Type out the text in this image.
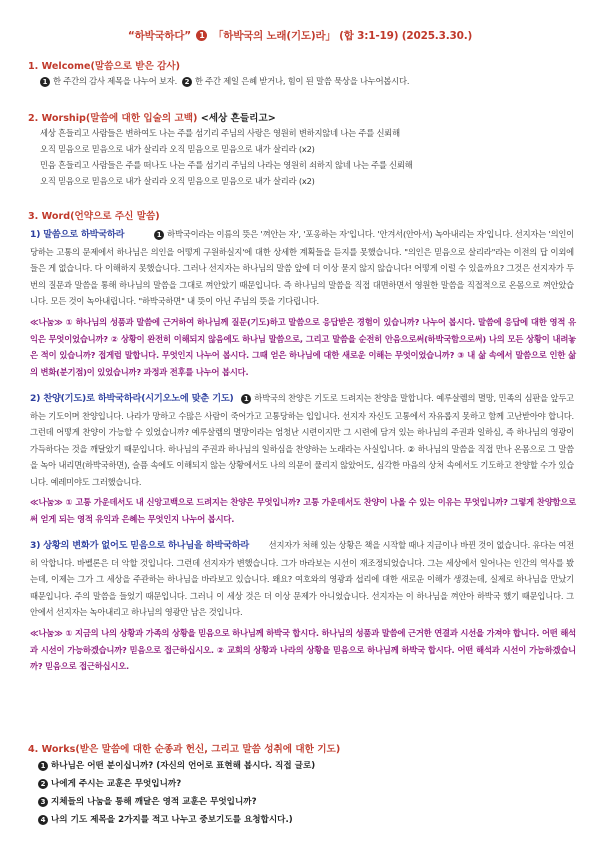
“하박국하다” 1 「하박국의 노래(기도)라」 (합 3:1-19) (2025.3.30.)
1. Welcome(말씀으로 받은 감사)
1 한 주간의 감사 제목을 나누어 보자. 2 한 주간 제일 은혜 받거나, 힘이 된 말씀 묵상을 나누어봅시다.
2. Worship(말씀에 대한 입술의 고백) <세상 흔들리고>
세상 흔들리고 사람들은 변하여도 나는 주를 섬기리 주님의 사랑은 영원히 변하지않네 나는 주를 신뢰해
오직 믿음으로 믿음으로 내가 살리라 오직 믿음으로 믿음으로 내가 살리라 (x2)
민음 흔들리고 사람들은 주를 떠나도 나는 주를 섬기리 주님의 나라는 영원히 쇠하지 않네 나는 주를 신뢰해
오직 믿음으로 믿음으로 내가 살리라 오직 믿음으로 믿음으로 내가 살리라 (x2)
3. Word(언약으로 주신 말씀)
1) 말씀으로 하박국하라	1 하박국이라는 이름의 뜻은 '껴안는 자', '포옹하는 자'입니다. '안겨서(안아서) 녹아내리는 자'입니다. 선지자는 '의인이 당하는 고통의 문제에서 하나님은 의인을 어떻게 구원하실지'에 대한 상세한 계획들을 듣지를 못했습니다. "의인은 믿음으로 살리라"라는 이전의 답 이외에 들은 게 없습니다. 다 이해하지 못했습니다. 그러나 선지자는 하나님의 말씀 앞에 더 이상 묻지 않지 않습니다! 어떻게 이럴 수 있을까요? 그것은 선지자가 두 번의 질문과 말씀을 통해 하나님의 말씀을 그대로 껴안았기 때문입니다. 즉 하나님의 말씀을 직접 대면하면서 영원한 말씀을 직접적으로 온몸으로 껴안았습니다. 모든 것이 녹아내립니다. "하박국하면" 내 뜻이 아닌 주님의 뜻을 기다립니다.
≪나눔≫ ① 하나님의 성품과 말씀에 근거하여 하나님께 질문(기도)하고 말씀으로 응답받은 경험이 있습니까? 나누어 봅시다. 말씀에 응답에 대한 영적 유익은 무엇이었습니까? ② 상황이 완전히 이해되지 않음에도 하나님 말씀으로, 그리고 말씀을 순전히 안음으로써(하박국함으로써) 나의 모든 상황이 내려놓은 적이 있습니까? 접게럼 말합니다. 무엇인지 나누어 봅시다. 그때 얻은 하나님에 대한 새로운 이해는 무엇이었습니까? ③ 내 삶 속에서 말씀으로 인한 삶의 변화(분기점)이 있었습니까? 과정과 전후를 나누어 봅시다.
2) 찬양(기도)로 하박국하라(시기오노에 맞춘 기도) 1 하박국의 찬양은 기도로 드려지는 찬양을 말합니다. 예루살렘의 멸망, 민족의 심판을 앞두고 하는 기도이며 찬양입니다. 나라가 망하고 수많은 사람이 죽어가고 고통당하는 입입니다. 선지자 자신도 고통에서 자유롭지 못하고 함께 고난받아야 합니다. 그런데 어떻게 찬양이 가능할 수 있었습니까? 예루살렘의 멸망이라는 엄청난 시련이지만 그 시련에 담겨 있는 하나님의 주권과 일하심, 즉 하나님의 영광이 가득하다는 것을 깨달았기 때문입니다. 하나님의 주권과 하나님의 일하심을 찬양하는 노래라는 사실입니다. ② 하나님의 말씀을 직접 만나 온몸으로 그 말씀을 녹아 내리면(하박국하면), 슬픔 속에도 이해되지 않는 상황에서도 나의 의문이 풀리지 않았어도, 심각한 마음의 상처 속에서도 기도하고 찬양할 수가 있습니다. 예레미야도 그러했습니다.
≪나눔≫ ① 고통 가운데서도 내 신앙고백으로 드려지는 찬양은 무엇입니까? 고통 가운데서도 찬양이 나올 수 있는 이유는 무엇입니까? 그렇게 찬양함으로써 얻게 되는 영적 유익과 은혜는 무엇인지 나누어 봅시다.
4. Works(받은 말씀에 대한 순종과 헌신, 그리고 말씀 성취에 대한 기도)
1 하나님은 어떤 분이십니까? (자신의 언어로 표현해 봅시다. 직접 글로)
2 나에게 주시는 교훈은 무엇입니까?
3 지체들의 나눔을 통해 깨달은 영적 교훈은 무엇입니까?
4 나의 기도 제목을 2가지를 적고 나누고 중보기도를 요청합시다.)
3) 상황의 변화가 없어도 믿음으로 하나님을 하박국하라 선지자가 처해 있는 상황은 책을 시작할 때나 지금이나 바뀐 것이 없습니다. 유다는 여전히 악합니다. 바벨론은 더 악할 것입니다. 그런데 선지자가 변했습니다. 그가 바라보는 시선이 재조정되었습니다. 그는 세상에서 일어나는 인간의 역사를 봤는데, 이제는 그가 그 세상을 주관하는 하나님을 바라보고 있습니다. 왜요? 여호와의 영광과 섭리에 대한 새로운 이해가 생겼는데, 실제로 하나님을 만났기 때문입니다. 주의 말씀을 들었기 때문입니다. 그러니 이 세상 것은 더 이상 문제가 아니었습니다. 선지자는 이 하나님을 껴안아 하박국 했기 때문입니다. 그 안에서 선지자는 녹아내리고 하나님의 영광만 남은 것입니다.
≪나눔≫ ① 지금의 나의 상황과 가족의 상황을 믿음으로 하나님께 하박국 합시다. 하나님의 성품과 말씀에 근거한 연결과 시선을 가져야 합니다. 어떤 해석과 시선이 가능하겠습니까? 믿음으로 접근하십시오. ② 교회의 상황과 나라의 상황을 믿음으로 하나님께 하박국 합시다. 어떤 해석과 시선이 가능하겠습니까? 믿음으로 접근하십시오.
